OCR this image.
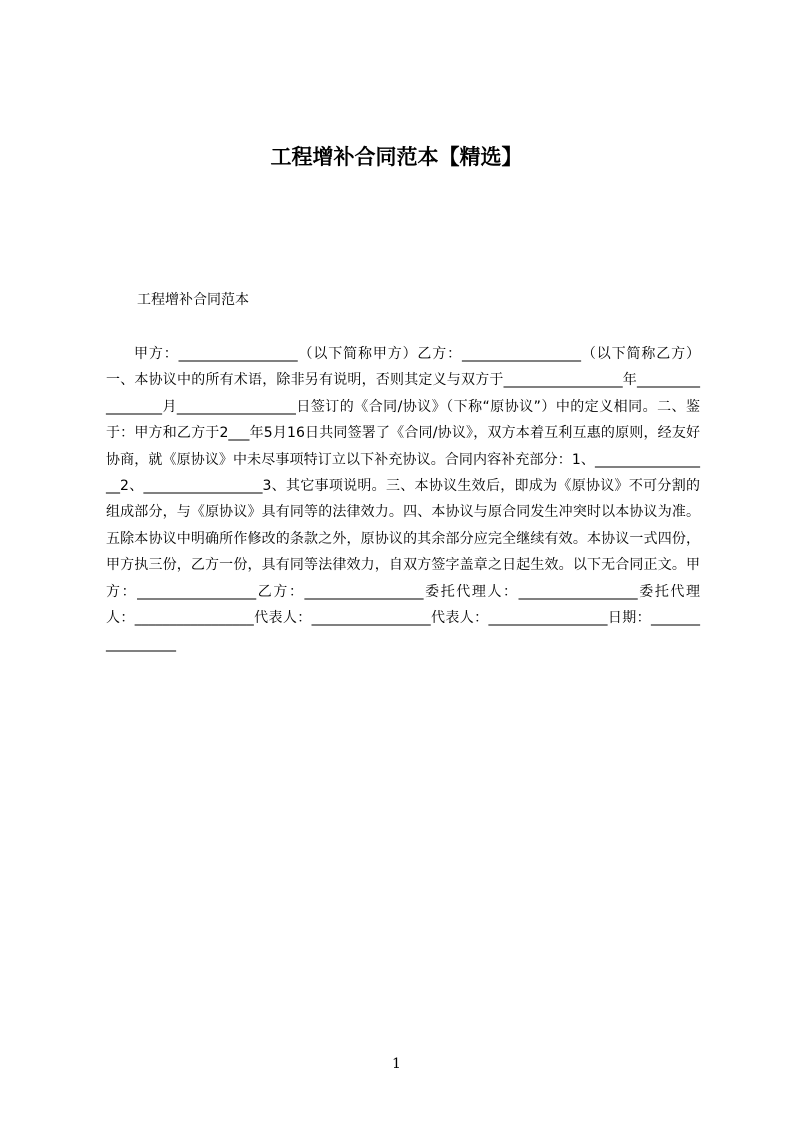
工程增补合同范本【精选】

工程增补合同范本

甲方：_________________（以下简称甲方）乙方：_________________（以下简称乙方）一、本协议中的所有术语，除非另有说明，否则其定义与双方于_________________年_________________月_________________日签订的《合同/协议》（下称“原协议”）中的定义相同。二、鉴于：甲方和乙方于2___年5月16日共同签署了《合同/协议》，双方本着互利互惠的原则，经友好协商，就《原协议》中未尽事项特订立以下补充协议。合同内容补充部分：1、_________________2、_________________3、其它事项说明。三、本协议生效后，即成为《原协议》不可分割的组成部分，与《原协议》具有同等的法律效力。四、本协议与原合同发生冲突时以本协议为准。五除本协议中明确所作修改的条款之外，原协议的其余部分应完全继续有效。本协议一式四份，甲方执三份，乙方一份，具有同等法律效力，自双方签字盖章之日起生效。以下无合同正文。甲方：_________________乙方：_________________委托代理人：_________________委托代理人：_________________代表人：_________________代表人：_________________日期：_________________

1
